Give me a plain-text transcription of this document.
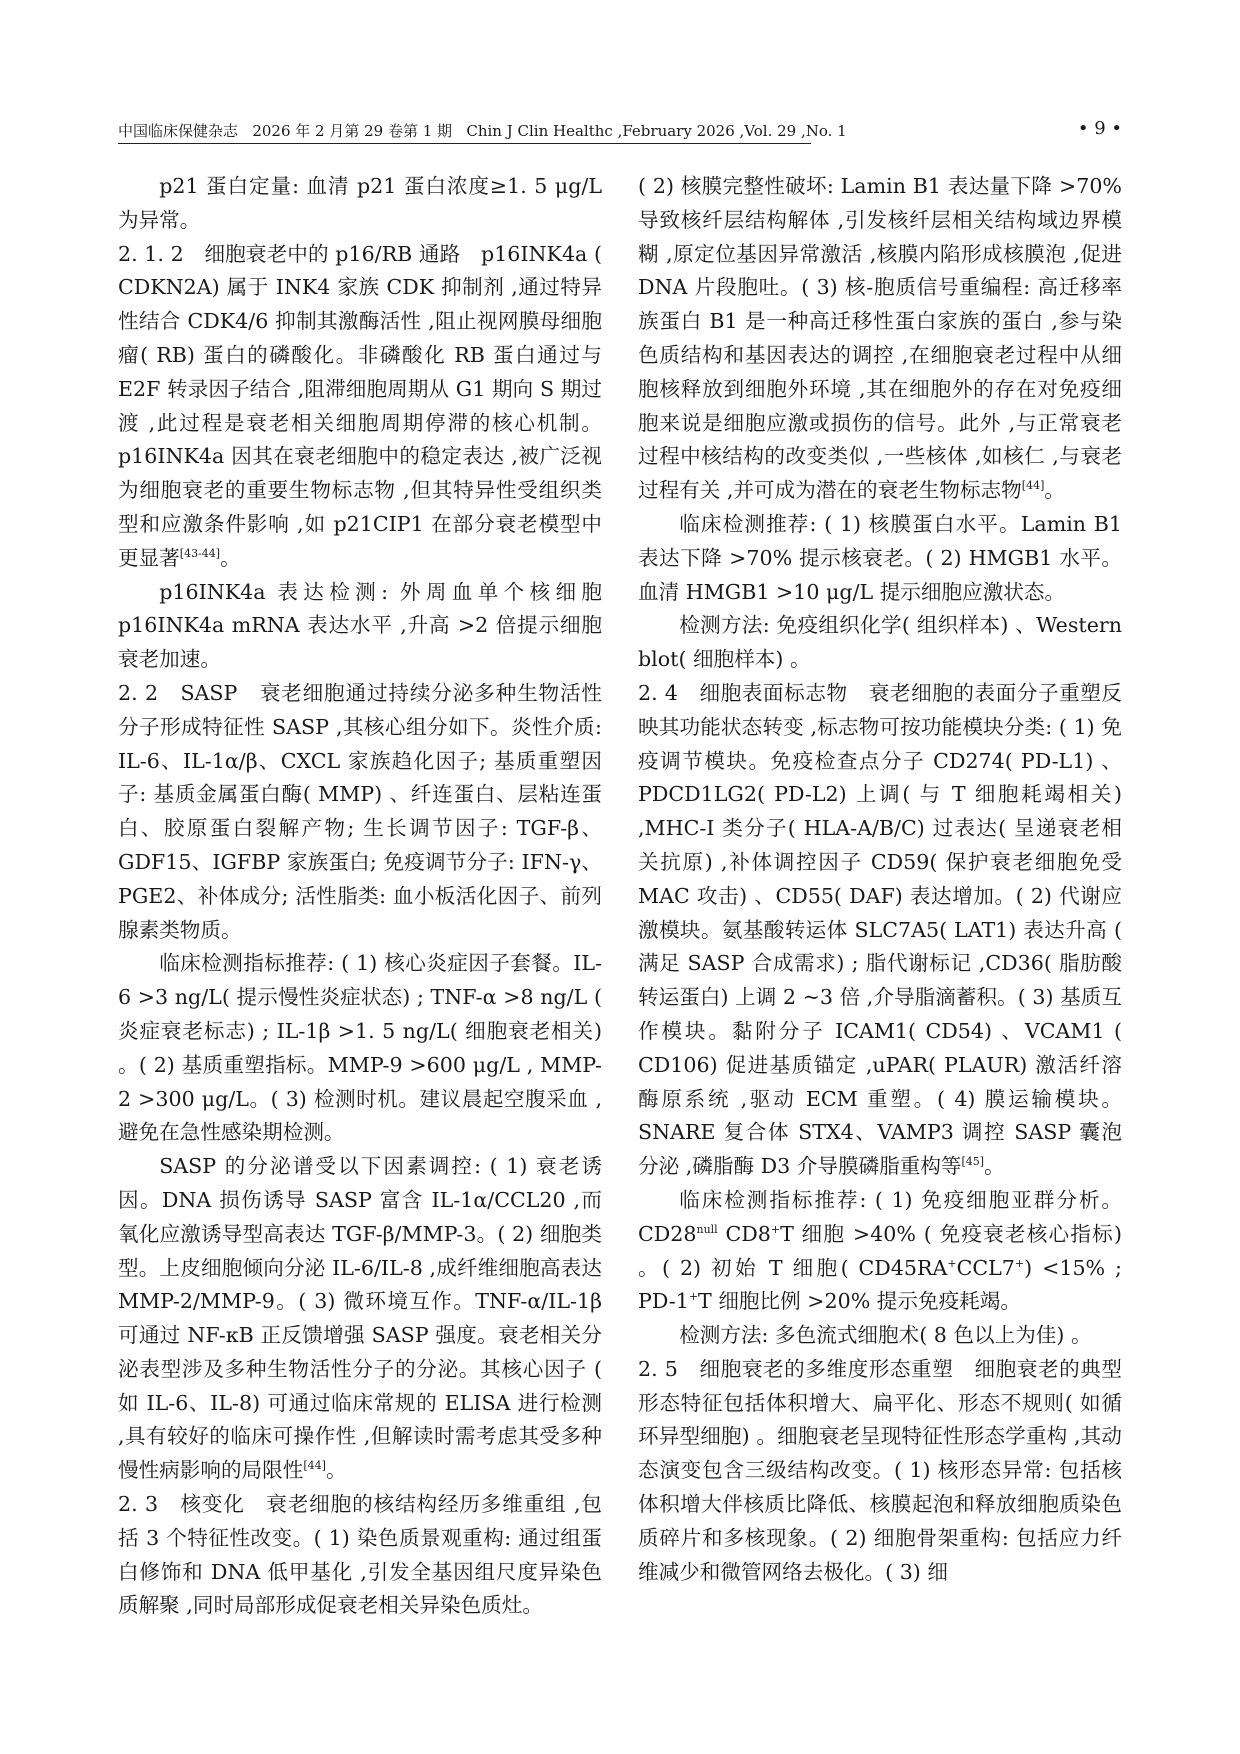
中国临床保健杂志 2026 年 2 月第 29 卷第 1 期 Chin J Clin Healthc ,February 2026 ,Vol. 29 ,No. 1	• 9 •

p21 蛋白定量: 血清 p21 蛋白浓度≥1. 5 μg/L 为异常。

2. 1. 2　细胞衰老中的 p16/RB 通路　 p16INK4a ( CDKN2A) 属于 INK4 家族 CDK 抑制剂 ,通过特异性结合 CDK4/6 抑制其激酶活性 ,阻止视网膜母细胞瘤( RB) 蛋白的磷酸化。非磷酸化 RB 蛋白通过与 E2F 转录因子结合 ,阻滞细胞周期从 G1 期向 S 期过渡 ,此过程是衰老相关细胞周期停滞的核心机制。p16INK4a 因其在衰老细胞中的稳定表达 ,被广泛视为细胞衰老的重要生物标志物 ,但其特异性受组织类型和应激条件影响 ,如 p21CIP1 在部分衰老模型中更显著[43-44]。

p16INK4a 表达检测: 外周血单个核细胞 p16INK4a mRNA 表达水平 ,升高 >2 倍提示细胞衰老加速。

2. 2　SASP　 衰老细胞通过持续分泌多种生物活性分子形成特征性 SASP ,其核心组分如下。炎性介质: IL-6、IL-1α/β、CXCL 家族趋化因子; 基质重塑因子: 基质金属蛋白酶( MMP) 、纤连蛋白、层粘连蛋白、胶原蛋白裂解产物; 生长调节因子: TGF-β、GDF15、IGFBP 家族蛋白; 免疫调节分子: IFN-γ、PGE2、补体成分; 活性脂类: 血小板活化因子、前列腺素类物质。

临床检测指标推荐: ( 1) 核心炎症因子套餐。IL-6 >3 ng/L( 提示慢性炎症状态) ; TNF-α >8 ng/L ( 炎症衰老标志) ; IL-1β >1. 5 ng/L( 细胞衰老相关) 。( 2) 基质重塑指标。MMP-9 >600 μg/L , MMP-2 >300 μg/L。( 3) 检测时机。建议晨起空腹采血 ,避免在急性感染期检测。

SASP 的分泌谱受以下因素调控: ( 1) 衰老诱因。DNA 损伤诱导 SASP 富含 IL-1α/CCL20 ,而氧化应激诱导型高表达 TGF-β/MMP-3。( 2) 细胞类型。上皮细胞倾向分泌 IL-6/IL-8 ,成纤维细胞高表达 MMP-2/MMP-9。( 3) 微环境互作。TNF-α/IL-1β 可通过 NF-κB 正反馈增强 SASP 强度。衰老相关分泌表型涉及多种生物活性分子的分泌。其核心因子 ( 如 IL-6、IL-8) 可通过临床常规的 ELISA 进行检测 ,具有较好的临床可操作性 ,但解读时需考虑其受多种慢性病影响的局限性[44]。

2. 3　核变化　 衰老细胞的核结构经历多维重组 ,包括 3 个特征性改变。( 1) 染色质景观重构: 通过组蛋白修饰和 DNA 低甲基化 ,引发全基因组尺度异染色质解聚 ,同时局部形成促衰老相关异染色质灶。

( 2) 核膜完整性破坏: Lamin B1 表达量下降 >70% 导致核纤层结构解体 ,引发核纤层相关结构域边界模糊 ,原定位基因异常激活 ,核膜内陷形成核膜泡 ,促进 DNA 片段胞吐。( 3) 核-胞质信号重编程: 高迁移率族蛋白 B1 是一种高迁移性蛋白家族的蛋白 ,参与染色质结构和基因表达的调控 ,在细胞衰老过程中从细胞核释放到细胞外环境 ,其在细胞外的存在对免疫细胞来说是细胞应激或损伤的信号。此外 ,与正常衰老过程中核结构的改变类似 ,一些核体 ,如核仁 ,与衰老过程有关 ,并可成为潜在的衰老生物标志物[44]。

临床检测推荐: ( 1) 核膜蛋白水平。Lamin B1 表达下降 >70% 提示核衰老。( 2) HMGB1 水平。血清 HMGB1 >10 μg/L 提示细胞应激状态。

检测方法: 免疫组织化学( 组织样本) 、Western blot( 细胞样本) 。

2. 4　细胞表面标志物　 衰老细胞的表面分子重塑反映其功能状态转变 ,标志物可按功能模块分类: ( 1) 免疫调节模块。免疫检查点分子 CD274( PD-L1) 、PDCD1LG2( PD-L2) 上调( 与 T 细胞耗竭相关) ,MHC-I 类分子( HLA-A/B/C) 过表达( 呈递衰老相关抗原) ,补体调控因子 CD59( 保护衰老细胞免受 MAC 攻击) 、CD55( DAF) 表达增加。( 2) 代谢应激模块。氨基酸转运体 SLC7A5( LAT1) 表达升高 ( 满足 SASP 合成需求) ; 脂代谢标记 ,CD36( 脂肪酸转运蛋白) 上调 2 ~3 倍 ,介导脂滴蓄积。( 3) 基质互作模块。黏附分子 ICAM1( CD54) 、VCAM1 ( CD106) 促进基质锚定 ,uPAR( PLAUR) 激活纤溶酶原系统 ,驱动 ECM 重塑。( 4) 膜运输模块。SNARE 复合体 STX4、VAMP3 调控 SASP 囊泡分泌 ,磷脂酶 D3 介导膜磷脂重构等[45]。

临床检测指标推荐: ( 1) 免疫细胞亚群分析。$CD28^{null}$ CD8+T 细胞 >40% ( 免疫衰老核心指标) 。( 2) 初始 T 细胞( CD45RA+CCL7+) <15% ; PD-1+T 细胞比例 >20% 提示免疫耗竭。

检测方法: 多色流式细胞术( 8 色以上为佳) 。

2. 5　细胞衰老的多维度形态重塑　 细胞衰老的典型形态特征包括体积增大、扁平化、形态不规则( 如循环异型细胞) 。细胞衰老呈现特征性形态学重构 ,其动态演变包含三级结构改变。( 1) 核形态异常: 包括核体积增大伴核质比降低、核膜起泡和释放细胞质染色质碎片和多核现象。( 2) 细胞骨架重构: 包括应力纤维减少和微管网络去极化。( 3) 细
